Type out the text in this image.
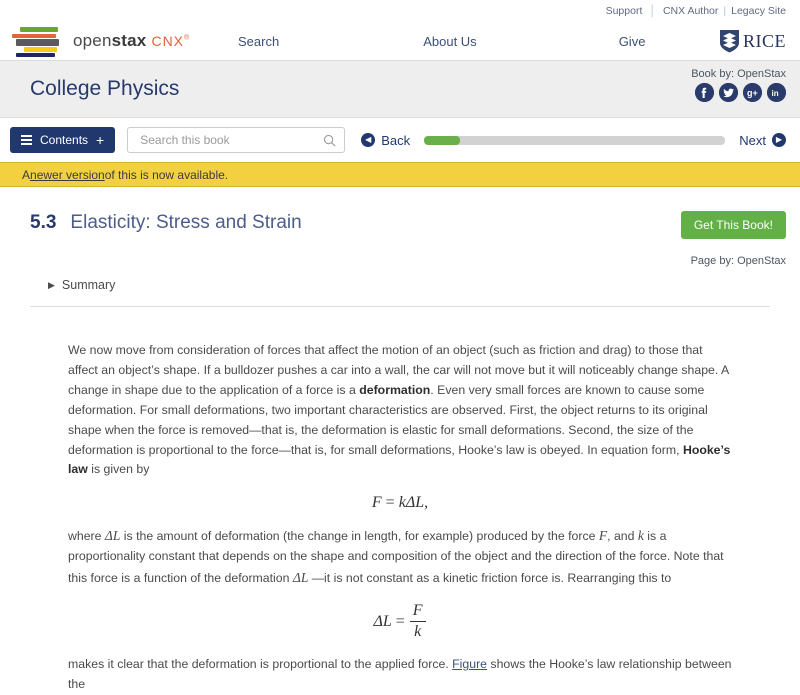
Support │ CNX Author | Legacy Site
openstax CNX®	Search	About Us	Give	RICE
College Physics
Book by: OpenStax
g+ in
Contents +
Search this book	◀ Back	Next	▶
A newer version of this is now available.
Get This Book!
Page by: OpenStax
5.3 Elasticity: Stress and Strain
▶ Summary

We now move from consideration of forces that affect the motion of an object (such as friction and drag) to those that affect an object’s shape. If a bulldozer pushes a car into a wall, the car will not move but it will noticeably change shape. A change in shape due to the application of a force is a deformation. Even very small forces are known to cause some deformation. For small deformations, two important characteristics are observed. First, the object returns to its original shape when the force is removed—that is, the deformation is elastic for small deformations. Second, the size of the deformation is proportional to the force—that is, for small deformations, Hooke’s law is obeyed. In equation form, Hooke’s law is given by

F = kΔL,

where ΔL is the amount of deformation (the change in length, for example) produced by the force F, and k is a proportionality constant that depends on the shape and composition of the object and the direction of the force. Note that this force is a function of the deformation ΔL —it is not constant as a kinetic friction force is. Rearranging this to

$\Delta L = \frac{F}{k}$

makes it clear that the deformation is proportional to the applied force. Figure shows the Hooke’s law relationship between the
